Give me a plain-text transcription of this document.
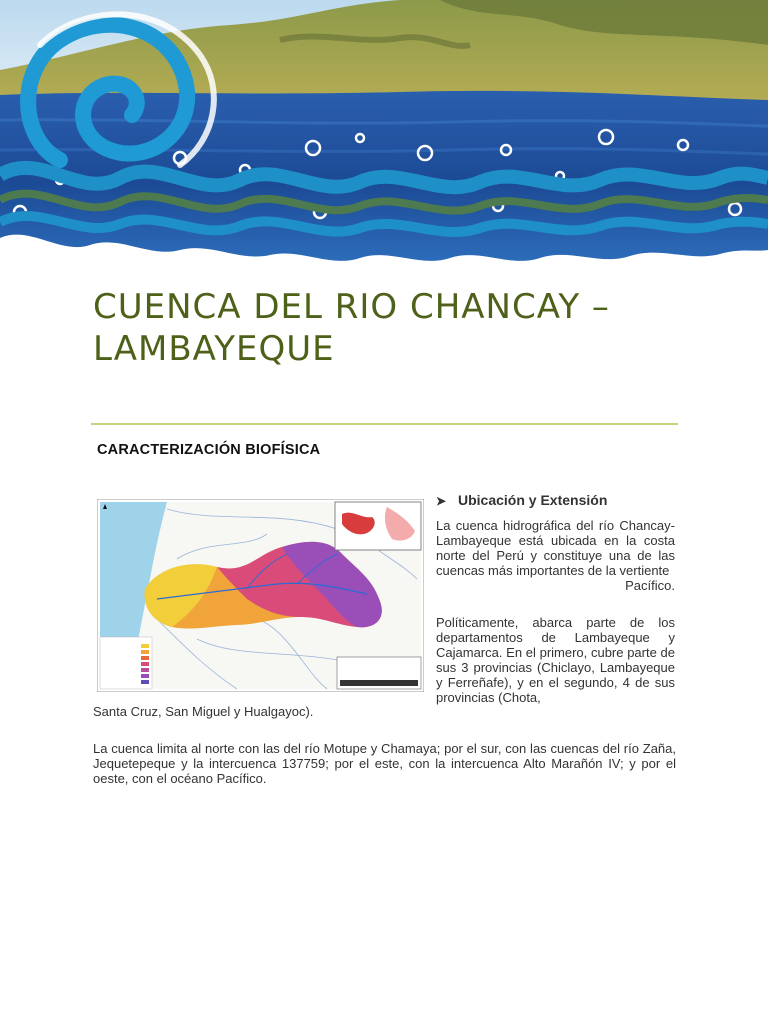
CUENCA DEL RIO CHANCAY –
LAMBAYEQUE
CARACTERIZACIÓN BIOFÍSICA
➤ Ubicación y Extensión

La cuenca hidrográfica del río Chancay-Lambayeque está ubicada en la costa norte del Perú y constituye una de las cuencas más importantes de la vertiente
Pacífico.

Políticamente, abarca parte de los departamentos de Lambayeque y Cajamarca. En el primero, cubre parte de sus 3 provincias (Chiclayo, Lambayeque y Ferreñafe), y en el segundo, 4 de sus provincias (Chota,

Santa Cruz, San Miguel y Hualgayoc).

La cuenca limita al norte con las del río Motupe y Chamaya; por el sur, con las cuencas del río Zaña, Jequetepeque y la intercuenca 137759; por el este, con la intercuenca Alto Marañón IV; y por el oeste, con el océano Pacífico.
